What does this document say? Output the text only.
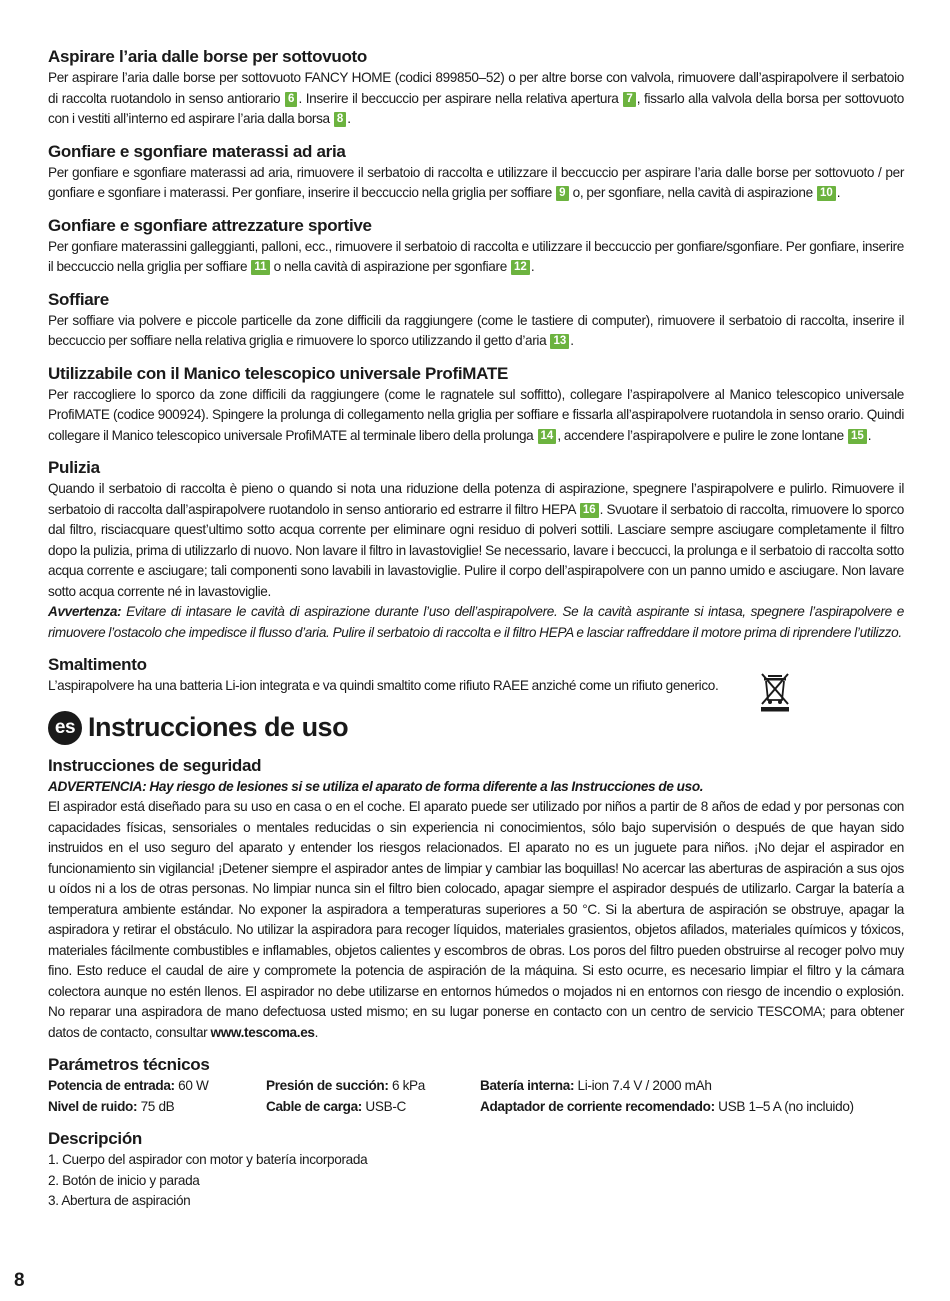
Aspirare l’aria dalle borse per sottovuoto

Per aspirare l’aria dalle borse per sottovuoto FANCY HOME (codici 899850–52) o per altre borse con valvola, rimuovere dall’aspirapolvere il serbatoio di raccolta ruotandolo in senso antiorario 6 . Inserire il beccuccio per aspirare nella relativa apertura 7 , fissarlo alla valvola della borsa per sottovuoto con i vestiti all’interno ed aspirare l’aria dalla borsa 8 .

Gonfiare e sgonfiare materassi ad aria

Per gonfiare e sgonfiare materassi ad aria, rimuovere il serbatoio di raccolta e utilizzare il beccuccio per aspirare l’aria dalle borse per sottovuoto / per gonfiare e sgonfiare i materassi. Per gonfiare, inserire il beccuccio nella griglia per soffiare 9 o, per sgonfiare, nella cavità di aspirazione 10 .

Gonfiare e sgonfiare attrezzature sportive

Per gonfiare materassini galleggianti, palloni, ecc., rimuovere il serbatoio di raccolta e utilizzare il beccuccio per gonfiare/sgonfiare. Per gonfiare, inserire il beccuccio nella griglia per soffiare 11 o nella cavità di aspirazione per sgonfiare 12 .

Soffiare

Per soffiare via polvere e piccole particelle da zone difficili da raggiungere (come le tastiere di computer), rimuovere il serbatoio di raccolta, inserire il beccuccio per soffiare nella relativa griglia e rimuovere lo sporco utilizzando il getto d’aria 13 .

Utilizzabile con il Manico telescopico universale ProfiMATE

Per raccogliere lo sporco da zone difficili da raggiungere (come le ragnatele sul soffitto), collegare l’aspirapolvere al Manico telescopico universale ProfiMATE (codice 900924). Spingere la prolunga di collegamento nella griglia per soffiare e fissarla all’aspirapolvere ruotandola in senso orario. Quindi collegare il Manico telescopico universale ProfiMATE al terminale libero della prolunga 14 , accendere l’aspirapolvere e pulire le zone lontane 15 .

Pulizia

Quando il serbatoio di raccolta è pieno o quando si nota una riduzione della potenza di aspirazione, spegnere l’aspirapolvere e pulirlo. Rimuovere il serbatoio di raccolta dall’aspirapolvere ruotandolo in senso antiorario ed estrarre il filtro HEPA 16 . Svuotare il serbatoio di raccolta, rimuovere lo sporco dal filtro, risciacquare quest’ultimo sotto acqua corrente per eliminare ogni residuo di polveri sottili. Lasciare sempre asciugare completamente il filtro dopo la pulizia, prima di utilizzarlo di nuovo. Non lavare il filtro in lavastoviglie! Se necessario, lavare i beccucci, la prolunga e il serbatoio di raccolta sotto acqua corrente e asciugare; tali componenti sono lavabili in lavastoviglie. Pulire il corpo dell’aspirapolvere con un panno umido e asciugare. Non lavare sotto acqua corrente né in lavastoviglie.

Avvertenza: Evitare di intasare le cavità di aspirazione durante l’uso dell’aspirapolvere. Se la cavità aspirante si intasa, spegnere l’aspirapolvere e rimuovere l’ostacolo che impedisce il flusso d’aria. Pulire il serbatoio di raccolta e il filtro HEPA e lasciar raffreddare il motore prima di riprendere l’utilizzo.

Smaltimento

L’aspirapolvere ha una batteria Li-ion integrata e va quindi smaltito come rifiuto RAEE anziché come un rifiuto generico.

es Instrucciones de uso
Instrucciones de seguridad

ADVERTENCIA: Hay riesgo de lesiones si se utiliza el aparato de forma diferente a las Instrucciones de uso.

El aspirador está diseñado para su uso en casa o en el coche. El aparato puede ser utilizado por niños a partir de 8 años de edad y por personas con capacidades físicas, sensoriales o mentales reducidas o sin experiencia ni conocimientos, sólo bajo supervisión o después de que hayan sido instruidos en el uso seguro del aparato y entender los riesgos relacionados. El aparato no es un juguete para niños. ¡No dejar el aspirador en funcionamiento sin vigilancia! ¡Detener siempre el aspirador antes de limpiar y cambiar las boquillas! No acercar las aberturas de aspiración a sus ojos u oídos ni a los de otras personas. No limpiar nunca sin el filtro bien colocado, apagar siempre el aspirador después de utilizarlo. Cargar la batería a temperatura ambiente estándar. No exponer la aspiradora a temperaturas superiores a 50 °C. Si la abertura de aspiración se obstruye, apagar la aspiradora y retirar el obstáculo. No utilizar la aspiradora para recoger líquidos, materiales grasientos, objetos afilados, materiales químicos y tóxicos, materiales fácilmente combustibles e inflamables, objetos calientes y escombros de obras. Los poros del filtro pueden obstruirse al recoger polvo muy fino. Esto reduce el caudal de aire y compromete la potencia de aspiración de la máquina. Si esto ocurre, es necesario limpiar el filtro y la cámara colectora aunque no estén llenos. El aspirador no debe utilizarse en entornos húmedos o mojados ni en entornos con riesgo de incendio o explosión. No reparar una aspiradora de mano defectuosa usted mismo; en su lugar ponerse en contacto con un centro de servicio TESCOMA; para obtener datos de contacto, consultar www.tescoma.es.

Parámetros técnicos
Potencia de entrada: 60 W	Presión de succión: 6 kPa	Batería interna: Li-ion 7.4 V / 2000 mAh
Nivel de ruido: 75 dB	Cable de carga: USB-C	Adaptador de corriente recomendado: USB 1–5 A (no incluido)
Descripción
1. Cuerpo del aspirador con motor y batería incorporada
2. Botón de inicio y parada
3. Abertura de aspiración
8
